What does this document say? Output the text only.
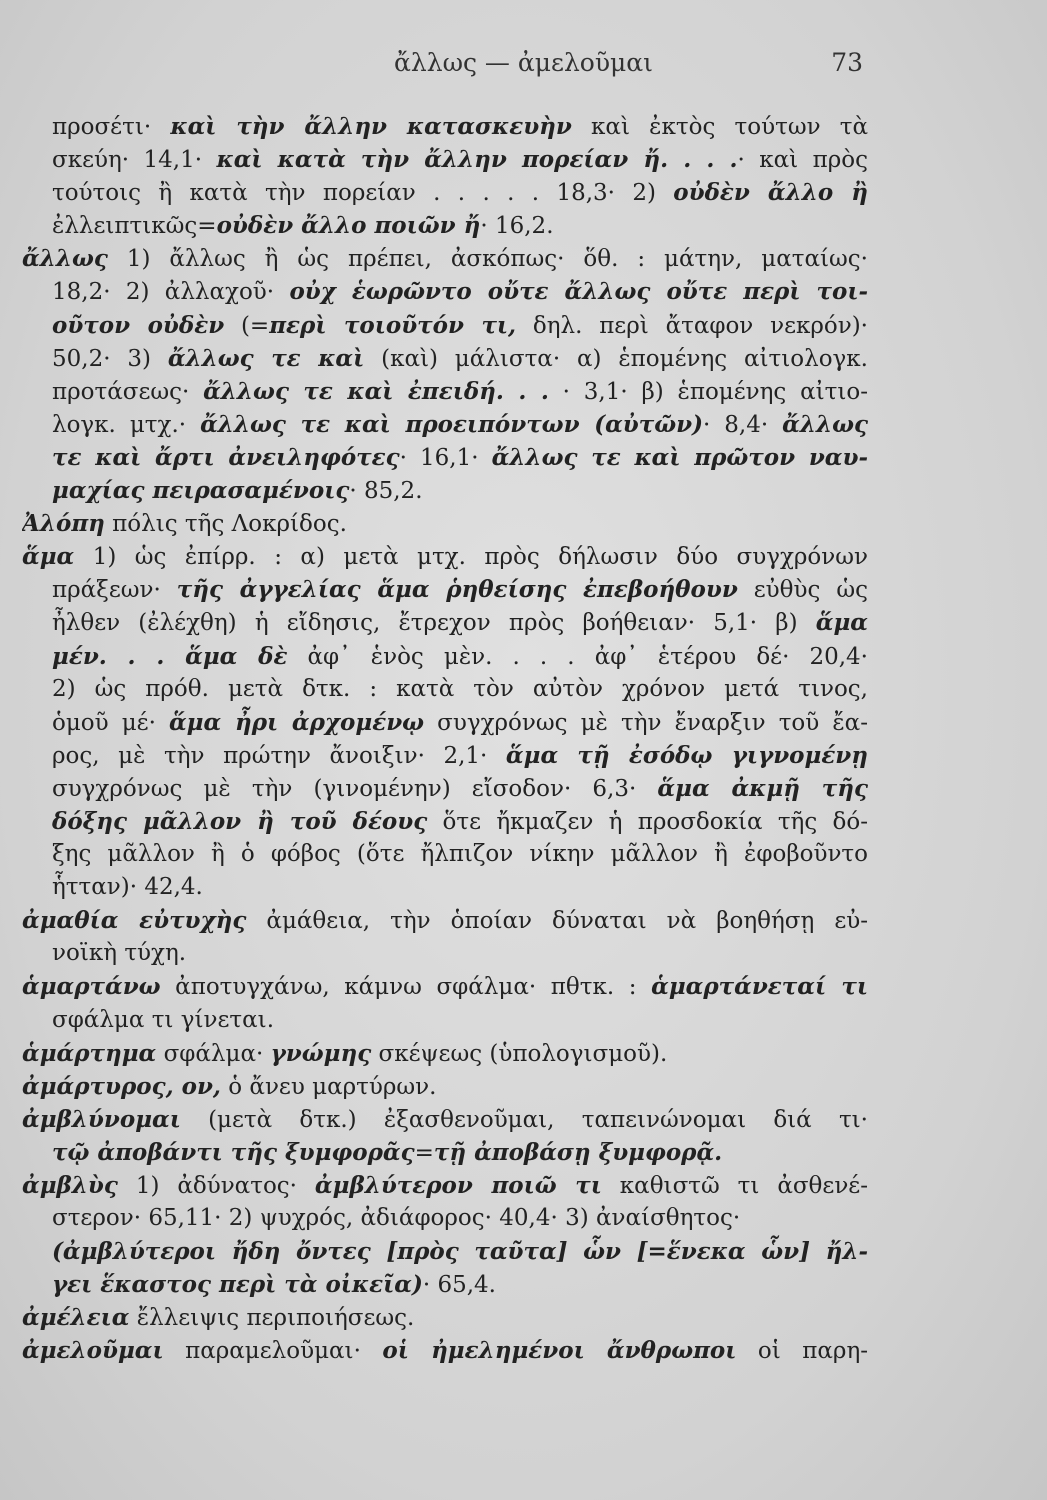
ἄλλως — ἀμελοῦμαι	73
προσέτι· καὶ τὴν ἄλλην κατασκευὴν καὶ ἐκτὸς τούτων τὰ
σκεύη· 14,1· καὶ κατὰ τὴν ἄλλην πορείαν ἤ. . . .· καὶ πρὸς
τούτοις ἢ κατὰ τὴν πορείαν . . . . . 18,3· 2) οὐδὲν ἄλλο ἢ
ἐλλειπτικῶς=οὐδὲν ἄλλο ποιῶν ἤ· 16,2.
ἄλλως 1) ἄλλως ἢ ὡς πρέπει, ἀσκόπως· ὅθ. : μάτην, ματαίως·
18,2· 2) ἀλλαχοῦ· οὐχ ἑωρῶντο οὔτε ἄλλως οὔτε περὶ τοι-
οῦτον οὐδὲν (=περὶ τοιοῦτόν τι, δηλ. περὶ ἄταφον νεκρόν)·
50,2· 3) ἄλλως τε καὶ (καὶ) μάλιστα· α) ἑπομένης αἰτιολογκ.
προτάσεως· ἄλλως τε καὶ ἐπειδή. . . · 3,1· β) ἑπομένης αἰτιο-
λογκ. μτχ.· ἄλλως τε καὶ προειπόντων (αὐτῶν)· 8,4· ἄλλως
τε καὶ ἄρτι ἀνειληφότες· 16,1· ἄλλως τε καὶ πρῶτον ναυ-
μαχίας πειρασαμένοις· 85,2.
Ἀλόπη πόλις τῆς Λοκρίδος.
ἅμα 1) ὡς ἐπίρρ. : α) μετὰ μτχ. πρὸς δήλωσιν δύο συγχρόνων
πράξεων· τῆς ἀγγελίας ἅμα ῥηθείσης ἐπεβοήθουν εὐθὺς ὡς
ἦλθεν (ἐλέχθη) ἡ εἴδησις, ἔτρεχον πρὸς βοήθειαν· 5,1· β) ἅμα
μέν. . . ἅμα δὲ ἀφ᾽ ἑνὸς μὲν. . . . ἀφ᾽ ἑτέρου δέ· 20,4·
2) ὡς πρόθ. μετὰ δτκ. : κατὰ τὸν αὐτὸν χρόνον μετά τινος,
ὁμοῦ μέ· ἅμα ἦρι ἀρχομένῳ συγχρόνως μὲ τὴν ἔναρξιν τοῦ ἔα-
ρος, μὲ τὴν πρώτην ἄνοιξιν· 2,1· ἅμα τῇ ἐσόδῳ γιγνομένῃ
συγχρόνως μὲ τὴν (γινομένην) εἴσοδον· 6,3· ἅμα ἀκμῇ τῆς
δόξης μᾶλλον ἢ τοῦ δέους ὅτε ἤκμαζεν ἡ προσδοκία τῆς δό-
ξης μᾶλλον ἢ ὁ φόβος (ὅτε ἤλπιζον νίκην μᾶλλον ἢ ἐφοβοῦντο
ἧτταν)· 42,4.
ἀμαθία εὐτυχὴς ἀμάθεια, τὴν ὁποίαν δύναται νὰ βοηθήσῃ εὐ-
νοϊκὴ τύχη.
ἁμαρτάνω ἀποτυγχάνω, κάμνω σφάλμα· πθτκ. : ἁμαρτάνεταί τι
σφάλμα τι γίνεται.
ἁμάρτημα σφάλμα· γνώμης σκέψεως (ὑπολογισμοῦ).
ἀμάρτυρος, ον, ὁ ἄνευ μαρτύρων.
ἀμβλύνομαι (μετὰ δτκ.) ἐξασθενοῦμαι, ταπεινώνομαι διά τι·
τῷ ἀποβάντι τῆς ξυμφορᾶς=τῇ ἀποβάσῃ ξυμφορᾷ.
ἀμβλὺς 1) ἀδύνατος· ἀμβλύτερον ποιῶ τι καθιστῶ τι ἀσθενέ-
στερον· 65,11· 2) ψυχρός, ἀδιάφορος· 40,4· 3) ἀναίσθητος·
(ἀμβλύτεροι ἤδη ὄντες [πρὸς ταῦτα] ὧν [=ἕνεκα ὧν] ἤλ-
γει ἕκαστος περὶ τὰ οἰκεῖα)· 65,4.
ἀμέλεια ἔλλειψις περιποιήσεως.
ἀμελοῦμαι παραμελοῦμαι· οἱ ἠμελημένοι ἄνθρωποι οἱ παρη-
